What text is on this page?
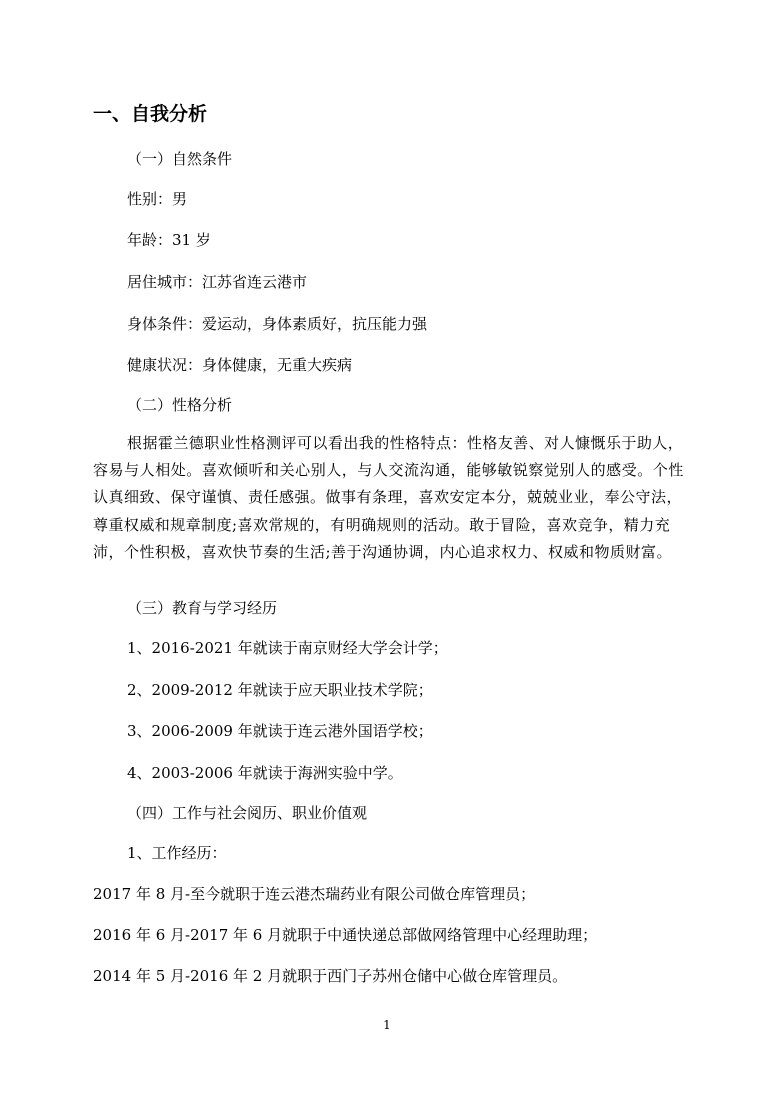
一、自我分析
（一）自然条件
性别：男
年龄：31 岁
居住城市：江苏省连云港市
身体条件：爱运动，身体素质好，抗压能力强
健康状况：身体健康，无重大疾病
（二）性格分析
根据霍兰德职业性格测评可以看出我的性格特点：性格友善、对人慷慨乐于助人，
容易与人相处。喜欢倾听和关心别人，与人交流沟通，能够敏锐察觉别人的感受。个性
认真细致、保守谨慎、责任感强。做事有条理，喜欢安定本分，兢兢业业，奉公守法，
尊重权威和规章制度;喜欢常规的，有明确规则的活动。敢于冒险，喜欢竞争，精力充
沛，个性积极，喜欢快节奏的生活;善于沟通协调，内心追求权力、权威和物质财富。
（三）教育与学习经历
1、2016-2021 年就读于南京财经大学会计学；
2、2009-2012 年就读于应天职业技术学院；
3、2006-2009 年就读于连云港外国语学校；
4、2003-2006 年就读于海洲实验中学。
（四）工作与社会阅历、职业价值观
1、工作经历：
2017 年 8 月-至今就职于连云港杰瑞药业有限公司做仓库管理员；
2016 年 6 月-2017 年 6 月就职于中通快递总部做网络管理中心经理助理；
2014 年 5 月-2016 年 2 月就职于西门子苏州仓储中心做仓库管理员。
1
